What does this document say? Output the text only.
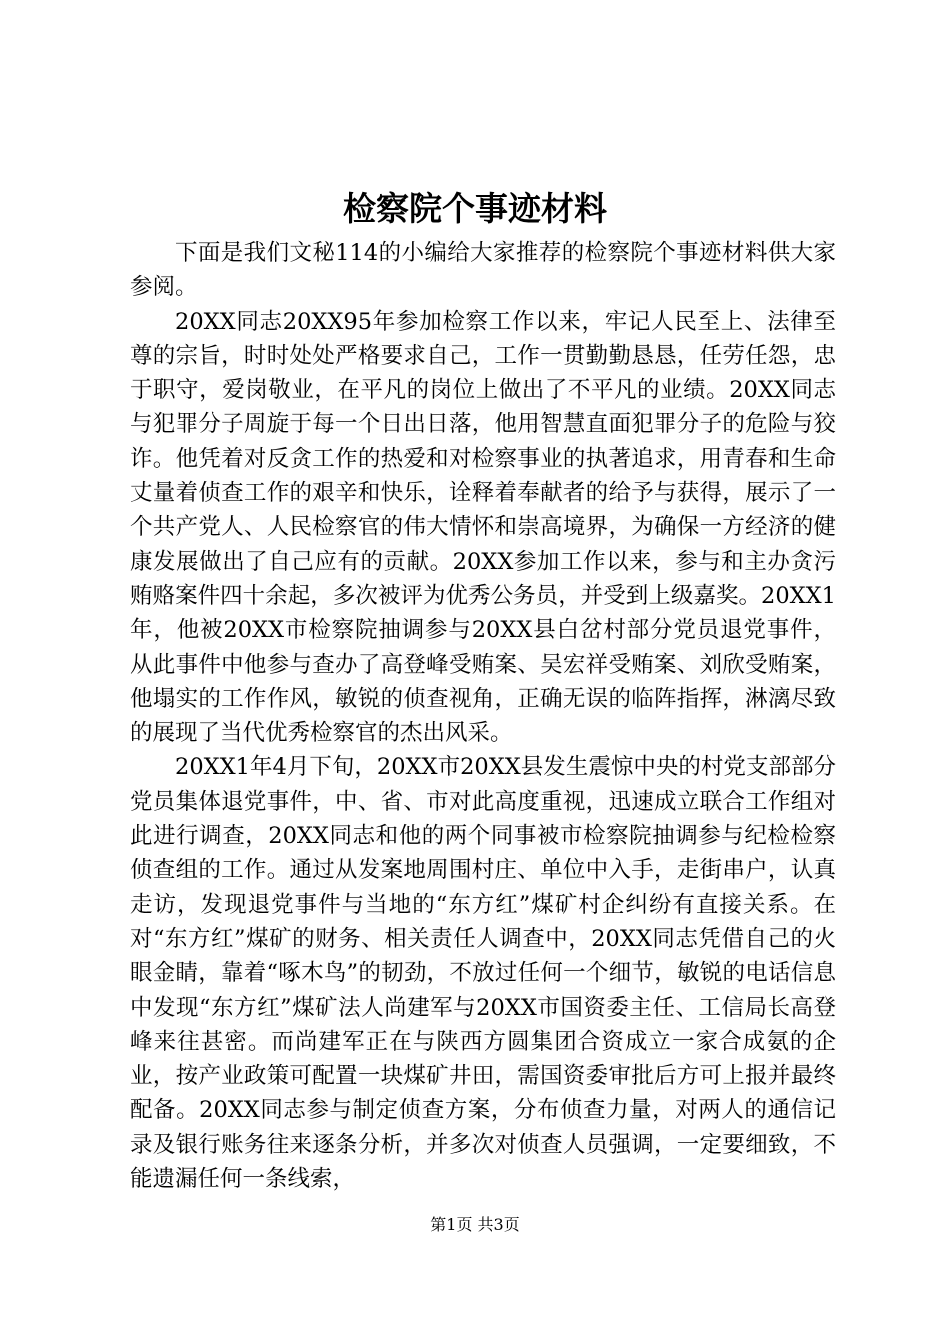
检察院个事迹材料

下面是我们文秘114的小编给大家推荐的检察院个事迹材料供大家参阅。

20XX同志20XX95年参加检察工作以来，牢记人民至上、法律至尊的宗旨，时时处处严格要求自己，工作一贯勤勤恳恳，任劳任怨，忠于职守，爱岗敬业，在平凡的岗位上做出了不平凡的业绩。20XX同志与犯罪分子周旋于每一个日出日落，他用智慧直面犯罪分子的危险与狡诈。他凭着对反贪工作的热爱和对检察事业的执著追求，用青春和生命丈量着侦查工作的艰辛和快乐，诠释着奉献者的给予与获得，展示了一个共产党人、人民检察官的伟大情怀和崇高境界，为确保一方经济的健康发展做出了自己应有的贡献。20XX参加工作以来，参与和主办贪污贿赂案件四十余起，多次被评为优秀公务员，并受到上级嘉奖。20XX1年，他被20XX市检察院抽调参与20XX县白岔村部分党员退党事件，从此事件中他参与查办了高登峰受贿案、吴宏祥受贿案、刘欣受贿案，他塌实的工作作风，敏锐的侦查视角，正确无误的临阵指挥，淋漓尽致的展现了当代优秀检察官的杰出风采。

20XX1年4月下旬，20XX市20XX县发生震惊中央的村党支部部分党员集体退党事件，中、省、市对此高度重视，迅速成立联合工作组对此进行调查，20XX同志和他的两个同事被市检察院抽调参与纪检检察侦查组的工作。通过从发案地周围村庄、单位中入手，走街串户，认真走访，发现退党事件与当地的“东方红”煤矿村企纠纷有直接关系。在对“东方红”煤矿的财务、相关责任人调查中，20XX同志凭借自己的火眼金睛，靠着“啄木鸟”的韧劲，不放过任何一个细节，敏锐的电话信息中发现“东方红”煤矿法人尚建军与20XX市国资委主任、工信局长高登峰来往甚密。而尚建军正在与陕西方圆集团合资成立一家合成氨的企业，按产业政策可配置一块煤矿井田，需国资委审批后方可上报并最终配备。20XX同志参与制定侦查方案，分布侦查力量，对两人的通信记录及银行账务往来逐条分析，并多次对侦查人员强调，一定要细致，不能遗漏任何一条线索，

第1页 共3页
